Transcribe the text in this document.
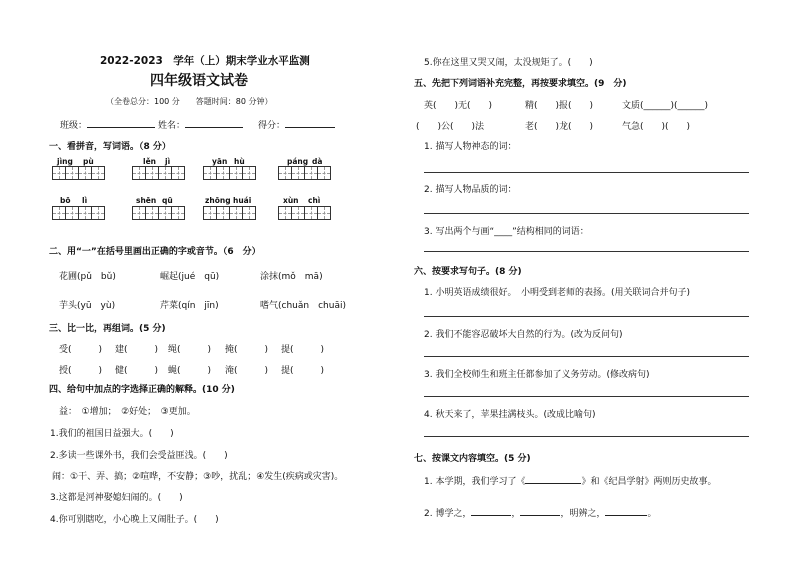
2022-2023　学年（上）期末学业水平监测
四年级语文试卷
（全卷总分：100 分　　答题时间：80 分钟）
班级：	姓名：	得分：
一、看拼音，写词语。（8 分）
jìng pù	lěn jì	yān hù	páng dà
bō lì	shēn qū	zhōng huái	xùn chì
二、用“一”在括号里画出正确的字或音节。（6　分）
花圃(pǔ　bǔ)	崛起(jué　qū)	涂抹(mǒ　mā)
芋头(yū　yù)	芹菜(qín　jīn)	嗜气(chuǎn　chuāi)
三、比一比，再组词。(5 分)
受(　　　) 建(　　　) 绳(　　　) 掩(　　　) 提(　　　)
授(　　　) 健(　　　) 蝇(　　　) 淹(　　　) 提(　　　)
四、给句中加点的字选择正确的解释。(10 分)
益：　①增加；　②好处；　③更加。
1.我们的祖国日益强大。(　　)
2.多读一些课外书，我们会受益匪浅。(　　)
闹：①干、弄、搞；②喧哗，不安静；③吵，扰乱；④发生(疾病或灾害)。
3.这都是河神娶媳妇闹的。(　　)
4.你可别瞎吃，小心晚上又闹肚子。(　　)
5.你在这里又哭又闹，太没规矩了。(　　)
五、先把下列词语补充完整，再按要求填空。(9　分)
英(　　)无(　　)	精(　　)报(　　)	文质(______)(______)
(　　)公(　　)法	老(　　)龙(　　)	气急(　　)(　　)
1. 描写人物神态的词：
2. 描写人物品质的词：
3. 写出两个与画“____”结构相同的词语：
六、按要求写句子。(8 分)
1. 小明英语成绩很好。　小明受到老师的表扬。(用关联词合并句子)
2. 我们不能容忍破坏大自然的行为。(改为反问句)
3. 我们全校师生和班主任都参加了义务劳动。(修改病句)
4. 秋天来了，苹果挂满枝头。(改成比喻句)
七、按课文内容填空。(5 分)
1. 本学期，我们学习了《	》和《纪昌学射》两则历史故事。
2. 博学之，	，	，明辨之，	。
